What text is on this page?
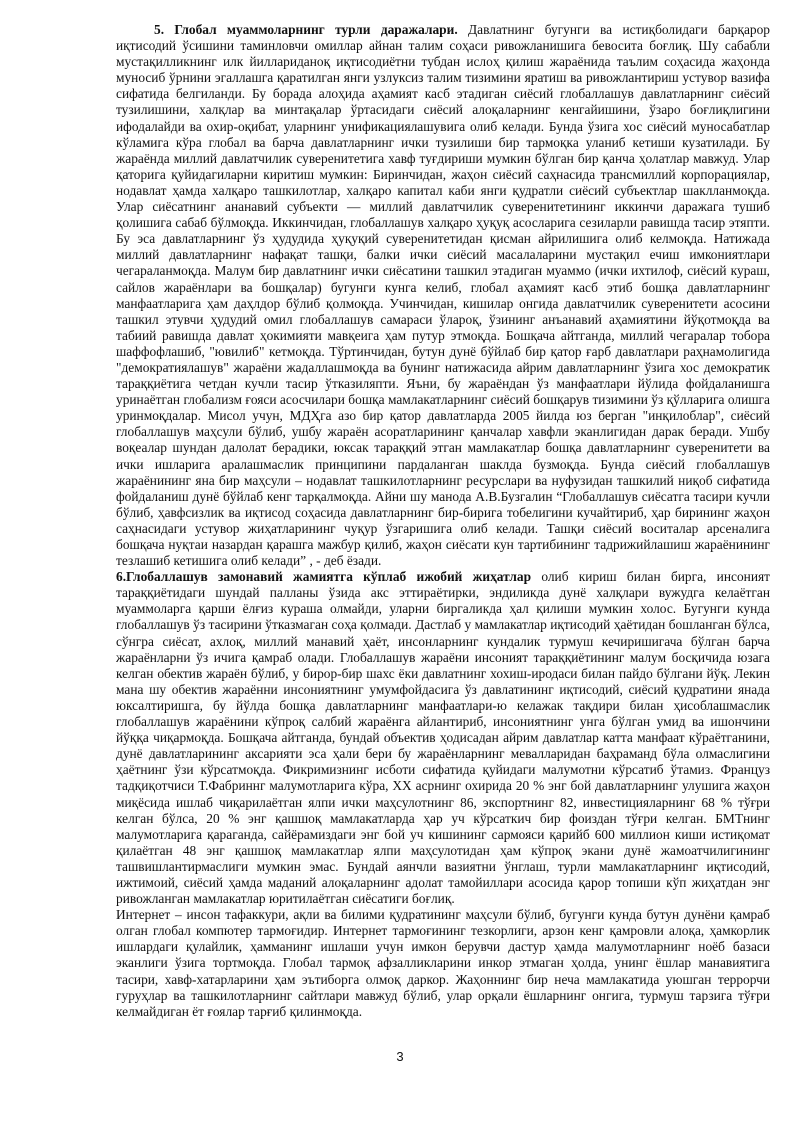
5. Глобал муаммоларнинг турли даражалари. Давлатнинг бугунги ва истиқболидаги барқарор иқтисодий ўсишини таминловчи омиллар айнан талим соҳаси ривожланишига бевосита боғлиқ. Шу сабабли мустақилликнинг илк йиллариданоқ иқтисодиётни тубдан ислоҳ қилиш жараёнида таълим соҳасида жаҳонда муносиб ўрнини эгаллашга қаратилган янги узлуксиз талим тизимини яратиш ва ривожлантириш устувор вазифа сифатида белгиланди. Бу борада алоҳида аҳамият касб этадиган сиёсий глобаллашув давлатларнинг сиёсий тузилишини, халқлар ва минтақалар ўртасидаги сиёсий алоқаларнинг кенгайишини, ўзаро боғлиқлигини ифодалайди ва охир-оқибат, уларнинг унификациялашувига олиб келади. Бунда ўзига хос сиёсий муносабатлар кўламига кўра глобал ва барча давлатларнинг ички тузилиши бир тармоқка уланиб кетиши кузатилади. Бу жараёнда миллий давлатчилик суверенитетига хавф туғдириши мумкин бўлган бир қанча ҳолатлар мавжуд. Улар қаторига қуйидагиларни киритиш мумкин: Биринчидан, жаҳон сиёсий саҳнасида трансмиллий корпорациялар, нодавлат ҳамда халқаро ташкилотлар, халқаро капитал каби янги қудратли сиёсий субъектлар шаклланмоқда. Улар сиёсатнинг ананавий субъекти — миллий давлатчилик суверенитетининг иккинчи даражага тушиб қолишига сабаб бўлмоқда. Иккинчидан, глобаллашув халқаро ҳуқуқ асосларига сезиларли равишда тасир этяпти. Бу эса давлатларнинг ўз ҳудудида ҳуқуқий суверенитетидан қисман айрилишига олиб келмоқда. Натижада миллий давлатларнинг нафақат ташқи, балки ички сиёсий масалаларини мустақил ечиш имкониятлари чегараланмоқда. Малум бир давлатнинг ички сиёсатини ташкил этадиган муаммо (ички ихтилоф, сиёсий кураш, сайлов жараёнлари ва бошқалар) бугунги кунга келиб, глобал аҳамият касб этиб бошқа давлатларнинг манфаатларига ҳам даҳлдор бўлиб қолмоқда. Учинчидан, кишилар онгида давлатчилик суверенитети асосини ташкил этувчи ҳудудий омил глобаллашув самараси ўлароқ, ўзининг анъанавий аҳамиятини йўқотмоқда ва табиий равишда давлат ҳокимияти мавқеига ҳам путур этмоқда. Бошқача айтганда, миллий чегаралар тобора шаффофлашиб, "ювилиб" кетмоқда. Тўртинчидан, бутун дунё бўйлаб бир қатор ғарб давлатлари раҳнамолигида "демократиялашув" жараёни жадаллашмоқда ва бунинг натижасида айрим давлатларнинг ўзига хос демократик тараққиётига четдан кучли тасир ўтказиляпти. Яъни, бу жараёндан ўз манфаатлари йўлида фойдаланишга уринаётган глобализм ғояси асосчилари бошқа мамлакатларнинг сиёсий бошқарув тизимини ўз қўлларига олишга уринмоқдалар. Мисол учун, МДҲга азо бир қатор давлатларда 2005 йилда юз берган "инқилоблар", сиёсий глобаллашув маҳсули бўлиб, ушбу жараён асоратларининг қанчалар хавфли эканлигидан дарак беради. Ушбу воқеалар шундан далолат берадики, юксак тараққий этган мамлакатлар бошқа давлатларнинг суверенитети ва ички ишларига аралашмаслик принципини пардаланган шаклда бузмоқда. Бунда сиёсий глобаллашув жараёнининг яна бир маҳсули – нодавлат ташкилотларнинг ресурслари ва нуфузидан ташкилий ниқоб сифатида фойдаланиш дунё бўйлаб кенг тарқалмоқда. Айни шу манода А.В.Бузгалин “Глобаллашув сиёсатга тасири кучли бўлиб, ҳавфсизлик ва иқтисод соҳасида давлатларнинг бир-бирига тобелигини кучайтириб, ҳар бирининг жаҳон саҳнасидаги устувор жиҳатларининг чуқур ўзгаришига олиб келади. Ташқи сиёсий воситалар арсеналига бошқача нуқтаи назардан қарашга мажбур қилиб, жаҳон сиёсати кун тартибининг тадрижийлашиш жараёнининг тезлашиб кетишига олиб келади” , - деб ёзади.

6.Глобаллашув замонавий жамиятга кўплаб ижобий жиҳатлар олиб кириш билан бирга, инсоният тараққиётидаги шундай палланы ўзида акс эттираётирки, эндиликда дунё халқлари вужудга келаётган муаммоларга қарши ёлғиз кураша олмайди, уларни биргаликда ҳал қилиши мумкин холос. Бугунги кунда глобаллашув ўз тасирини ўтказмаган соҳа қолмади. Дастлаб у мамлакатлар иқтисодий ҳаётидан бошланган бўлса, сўнгра сиёсат, ахлоқ, миллий манавий ҳаёт, инсонларнинг кундалик турмуш кечиришигача бўлган барча жараёнларни ўз ичига қамраб олади. Глобаллашув жараёни инсоният тараққиётининг малум босқичида юзага келган обектив жараён бўлиб, у бирор-бир шахс ёки давлатнинг хохиш-иродаси билан пайдо бўлгани йўқ. Лекин мана шу обектив жараённи инсониятнинг умумфойдасига ўз давлатининг иқтисодий, сиёсий қудратини янада юксалтиришга, бу йўлда бошқа давлатларнинг манфаатлари-ю келажак тақдири билан ҳисоблашмаслик глобаллашув жараёнини кўпроқ салбий жараёнга айлантириб, инсониятнинг унга бўлган умид ва ишончини йўққа чиқармоқда. Бошқача айтганда, бундай объектив ҳодисадан айрим давлатлар катта манфаат кўраётганини, дунё давлатларининг аксарияти эса ҳали бери бу жараёнларнинг мевалларидан баҳраманд бўла олмаслигини ҳаётнинг ўзи кўрсатмоқда. Фикримизнинг исботи сифатида қуйидаги малумотни кўрсатиб ўтамиз. Француз тадқиқотчиси Т.Фабриннг малумотларига кўра, XX асрнинг охирида 20 % энг бой давлатларнинг улушига жаҳон миқёсида ишлаб чиқарилаётган ялпи ички маҳсулотнинг 86, экспортнинг 82, инвестицияларнинг 68 % тўғри келган бўлса, 20 % энг қашшоқ мамлакатларда ҳар уч кўрсаткич бир фоиздан тўғри келган. БМТнинг малумотларига қараганда, сайёрамиздаги энг бой уч кишининг сармояси қарийб 600 миллион киши истиқомат қилаётган 48 энг қашшоқ мамлакатлар ялпи маҳсулотидан ҳам кўпроқ экани дунё жамоатчилигининг ташвишлантирмаслиги мумкин эмас. Бундай аянчли вазиятни ўнглаш, турли мамлакатларнинг иқтисодий, ижтимоий, сиёсий ҳамда маданий алоқаларнинг адолат тамойиллари асосида қарор топиши кўп жиҳатдан энг ривожланган мамлакатлар юритилаётган сиёсатиги боғлиқ.

Интернет – инсон тафаккури, ақли ва билими қудратининг маҳсули бўлиб, бугунги кунда бутун дунёни қамраб олган глобал компютер тармоғидир. Интернет тармоғининг тезкорлиги, арзон кенг қамровли алоқа, ҳамкорлик ишлардаги қулайлик, ҳамманинг ишлаши учун имкон берувчи дастур ҳамда малумотларнинг ноёб базаси эканлиги ўзига тортмоқда. Глобал тармоқ афзалликларини инкор этмаган ҳолда, унинг ёшлар манавиятига тасири, хавф-хатарларини ҳам эътиборга олмоқ даркор. Жаҳоннинг бир неча мамлакатида уюшган террорчи гуруҳлар ва ташкилотларнинг сайтлари мавжуд бўлиб, улар орқали ёшларнинг онгига, турмуш тарзига тўғри келмайдиган ёт ғоялар тарғиб қилинмоқда.

3
